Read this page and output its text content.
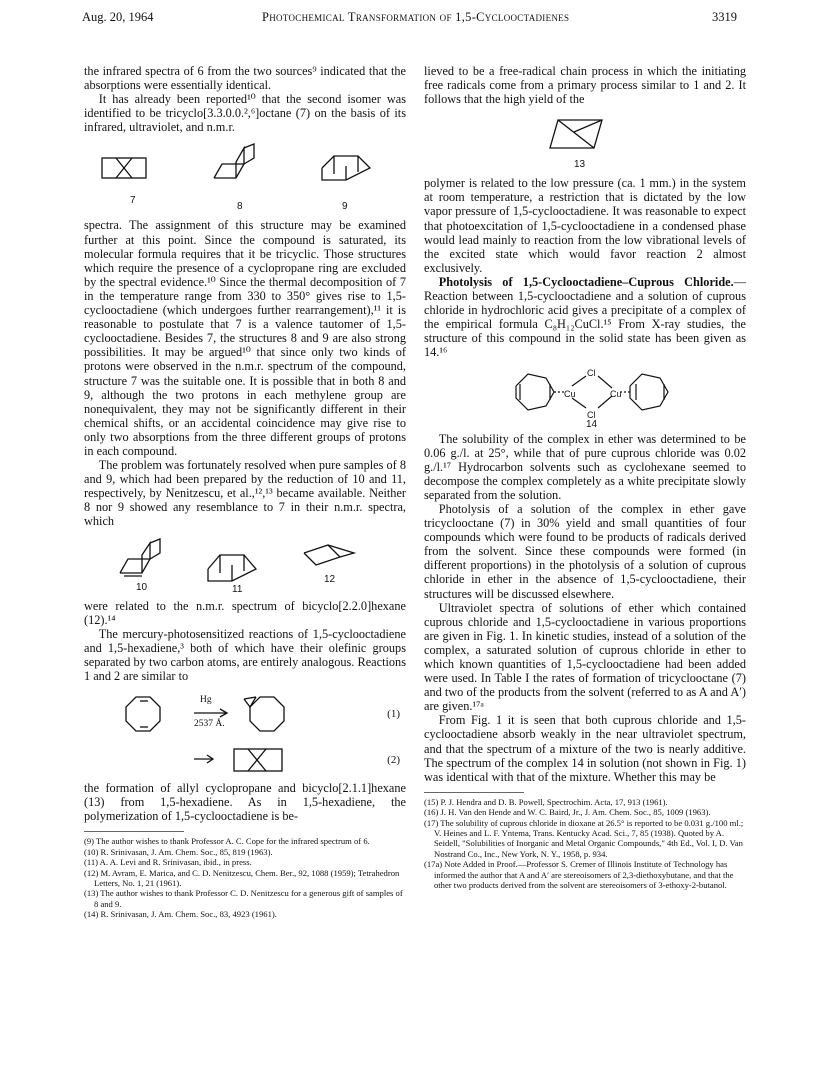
Aug. 20, 1964	Photochemical Transformation of 1,5-Cyclooctadienes	3319

the infrared spectra of 6 from the two sources⁹ indicated that the absorptions were essentially identical.

It has already been reported¹⁰ that the second isomer was identified to be tricyclo[3.3.0.0.²,⁶]octane (7) on the basis of its infrared, ultraviolet, and n.m.r.

7
8	9

spectra. The assignment of this structure may be examined further at this point. Since the compound is saturated, its molecular formula requires that it be tricyclic. Those structures which require the presence of a cyclopropane ring are excluded by the spectral evidence.¹⁰ Since the thermal decomposition of 7 in the temperature range from 330 to 350° gives rise to 1,5-cyclooctadiene (which undergoes further rearrangement),¹¹ it is reasonable to postulate that 7 is a valence tautomer of 1,5-cyclooctadiene. Besides 7, the structures 8 and 9 are also strong possibilities. It may be argued¹⁰ that since only two kinds of protons were observed in the n.m.r. spectrum of the compound, structure 7 was the suitable one. It is possible that in both 8 and 9, although the two protons in each methylene group are nonequivalent, they may not be significantly different in their chemical shifts, or an accidental coincidence may give rise to only two absorptions from the three different groups of protons in each compound.

The problem was fortunately resolved when pure samples of 8 and 9, which had been prepared by the reduction of 10 and 11, respectively, by Nenitzescu, et al.,¹²,¹³ became available. Neither 8 nor 9 showed any resemblance to 7 in their n.m.r. spectra, which

10	11
12

were related to the n.m.r. spectrum of bicyclo[2.2.0]hexane (12).¹⁴

The mercury-photosensitized reactions of 1,5-cyclooctadiene and 1,5-hexadiene,³ both of which have their olefinic groups separated by two carbon atoms, are entirely analogous. Reactions 1 and 2 are similar to

Hg
2537 Å.
(1)
(2)

the formation of allyl cyclopropane and bicyclo[2.1.1]hexane (13) from 1,5-hexadiene. As in 1,5-hexadiene, the polymerization of 1,5-cyclooctadiene is be-

(9) The author wishes to thank Professor A. C. Cope for the infrared spectrum of 6.

(10) R. Srinivasan, J. Am. Chem. Soc., 85, 819 (1963).

(11) A. A. Levi and R. Srinivasan, ibid., in press.

(12) M. Avram, E. Marica, and C. D. Nenitzescu, Chem. Ber., 92, 1088 (1959); Tetrahedron Letters, No. 1, 21 (1961).

(13) The author wishes to thank Professor C. D. Nenitzescu for a generous gift of samples of 8 and 9.

(14) R. Srinivasan, J. Am. Chem. Soc., 83, 4923 (1961).

lieved to be a free-radical chain process in which the initiating free radicals come from a primary process similar to 1 and 2. It follows that the high yield of the

13

polymer is related to the low pressure (ca. 1 mm.) in the system at room temperature, a restriction that is dictated by the low vapor pressure of 1,5-cyclooctadiene. It was reasonable to expect that photoexcitation of 1,5-cyclooctadiene in a condensed phase would lead mainly to reaction from the low vibrational levels of the excited state which would favor reaction 2 almost exclusively.

Photolysis of 1,5-Cyclooctadiene–Cuprous Chloride.—Reaction between 1,5-cyclooctadiene and a solution of cuprous chloride in hydrochloric acid gives a precipitate of a complex of the empirical formula C₈H₁₂CuCl.¹⁵ From X-ray studies, the structure of this compound in the solid state has been given as 14.¹⁶

Cl
Cl
Cu	Cu
14

The solubility of the complex in ether was determined to be 0.06 g./l. at 25°, while that of pure cuprous chloride was 0.02 g./l.¹⁷ Hydrocarbon solvents such as cyclohexane seemed to decompose the complex completely as a white precipitate slowly separated from the solution.

Photolysis of a solution of the complex in ether gave tricyclooctane (7) in 30% yield and small quantities of four compounds which were found to be products of radicals derived from the solvent. Since these compounds were formed (in different proportions) in the photolysis of a solution of cuprous chloride in ether in the absence of 1,5-cyclooctadiene, their structures will be discussed elsewhere.

Ultraviolet spectra of solutions of ether which contained cuprous chloride and 1,5-cyclooctadiene in various proportions are given in Fig. 1. In kinetic studies, instead of a solution of the complex, a saturated solution of cuprous chloride in ether to which known quantities of 1,5-cyclooctadiene had been added were used. In Table I the rates of formation of tricyclooctane (7) and two of the products from the solvent (referred to as A and A′) are given.¹⁷ᵃ

From Fig. 1 it is seen that both cuprous chloride and 1,5-cyclooctadiene absorb weakly in the near ultraviolet spectrum, and that the spectrum of a mixture of the two is nearly additive. The spectrum of the complex 14 in solution (not shown in Fig. 1) was identical with that of the mixture. Whether this may be

(15) P. J. Hendra and D. B. Powell, Spectrochim. Acta, 17, 913 (1961).

(16) J. H. Van den Hende and W. C. Baird, Jr., J. Am. Chem. Soc., 85, 1009 (1963).

(17) The solubility of cuprous chloride in dioxane at 26.5° is reported to be 0.031 g./100 ml.; V. Heines and L. F. Yntema, Trans. Kentucky Acad. Sci., 7, 85 (1938). Quoted by A. Seidell, "Solubilities of Inorganic and Metal Organic Compounds," 4th Ed., Vol. I, D. Van Nostrand Co., Inc., New York, N. Y., 1958, p. 934.

(17a) Note Added in Proof.—Professor S. Cremer of Illinois Institute of Technology has informed the author that A and A′ are stereoisomers of 2,3-diethoxybutane, and that the other two products derived from the solvent are stereoisomers of 3-ethoxy-2-butanol.
